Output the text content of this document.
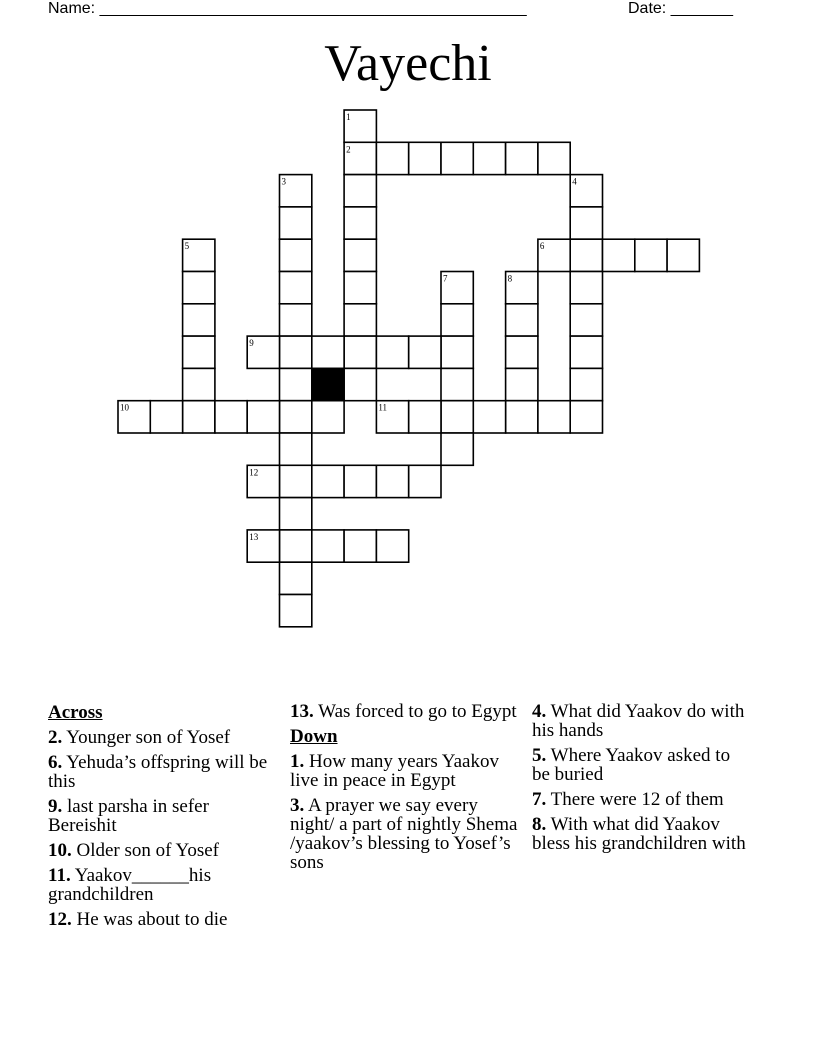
Name: ________________________________________________	Date: _______
Vayechi
1
2
3	4
5	6
7	8
9
10	11
12
13
Across
2. Younger son of Yosef
6. Yehuda’s offspring will be this
9. last parsha in sefer Bereishit
10. Older son of Yosef
11. Yaakov______his grandchildren
12. He was about to die
13. Was forced to go to Egypt
Down
1. How many years Yaakov live in peace in Egypt
3. A prayer we say every night/ a part of nightly Shema /yaakov’s blessing to Yosef’s sons
4. What did Yaakov do with his hands
5. Where Yaakov asked to be buried
7. There were 12 of them
8. With what did Yaakov bless his grandchildren with
